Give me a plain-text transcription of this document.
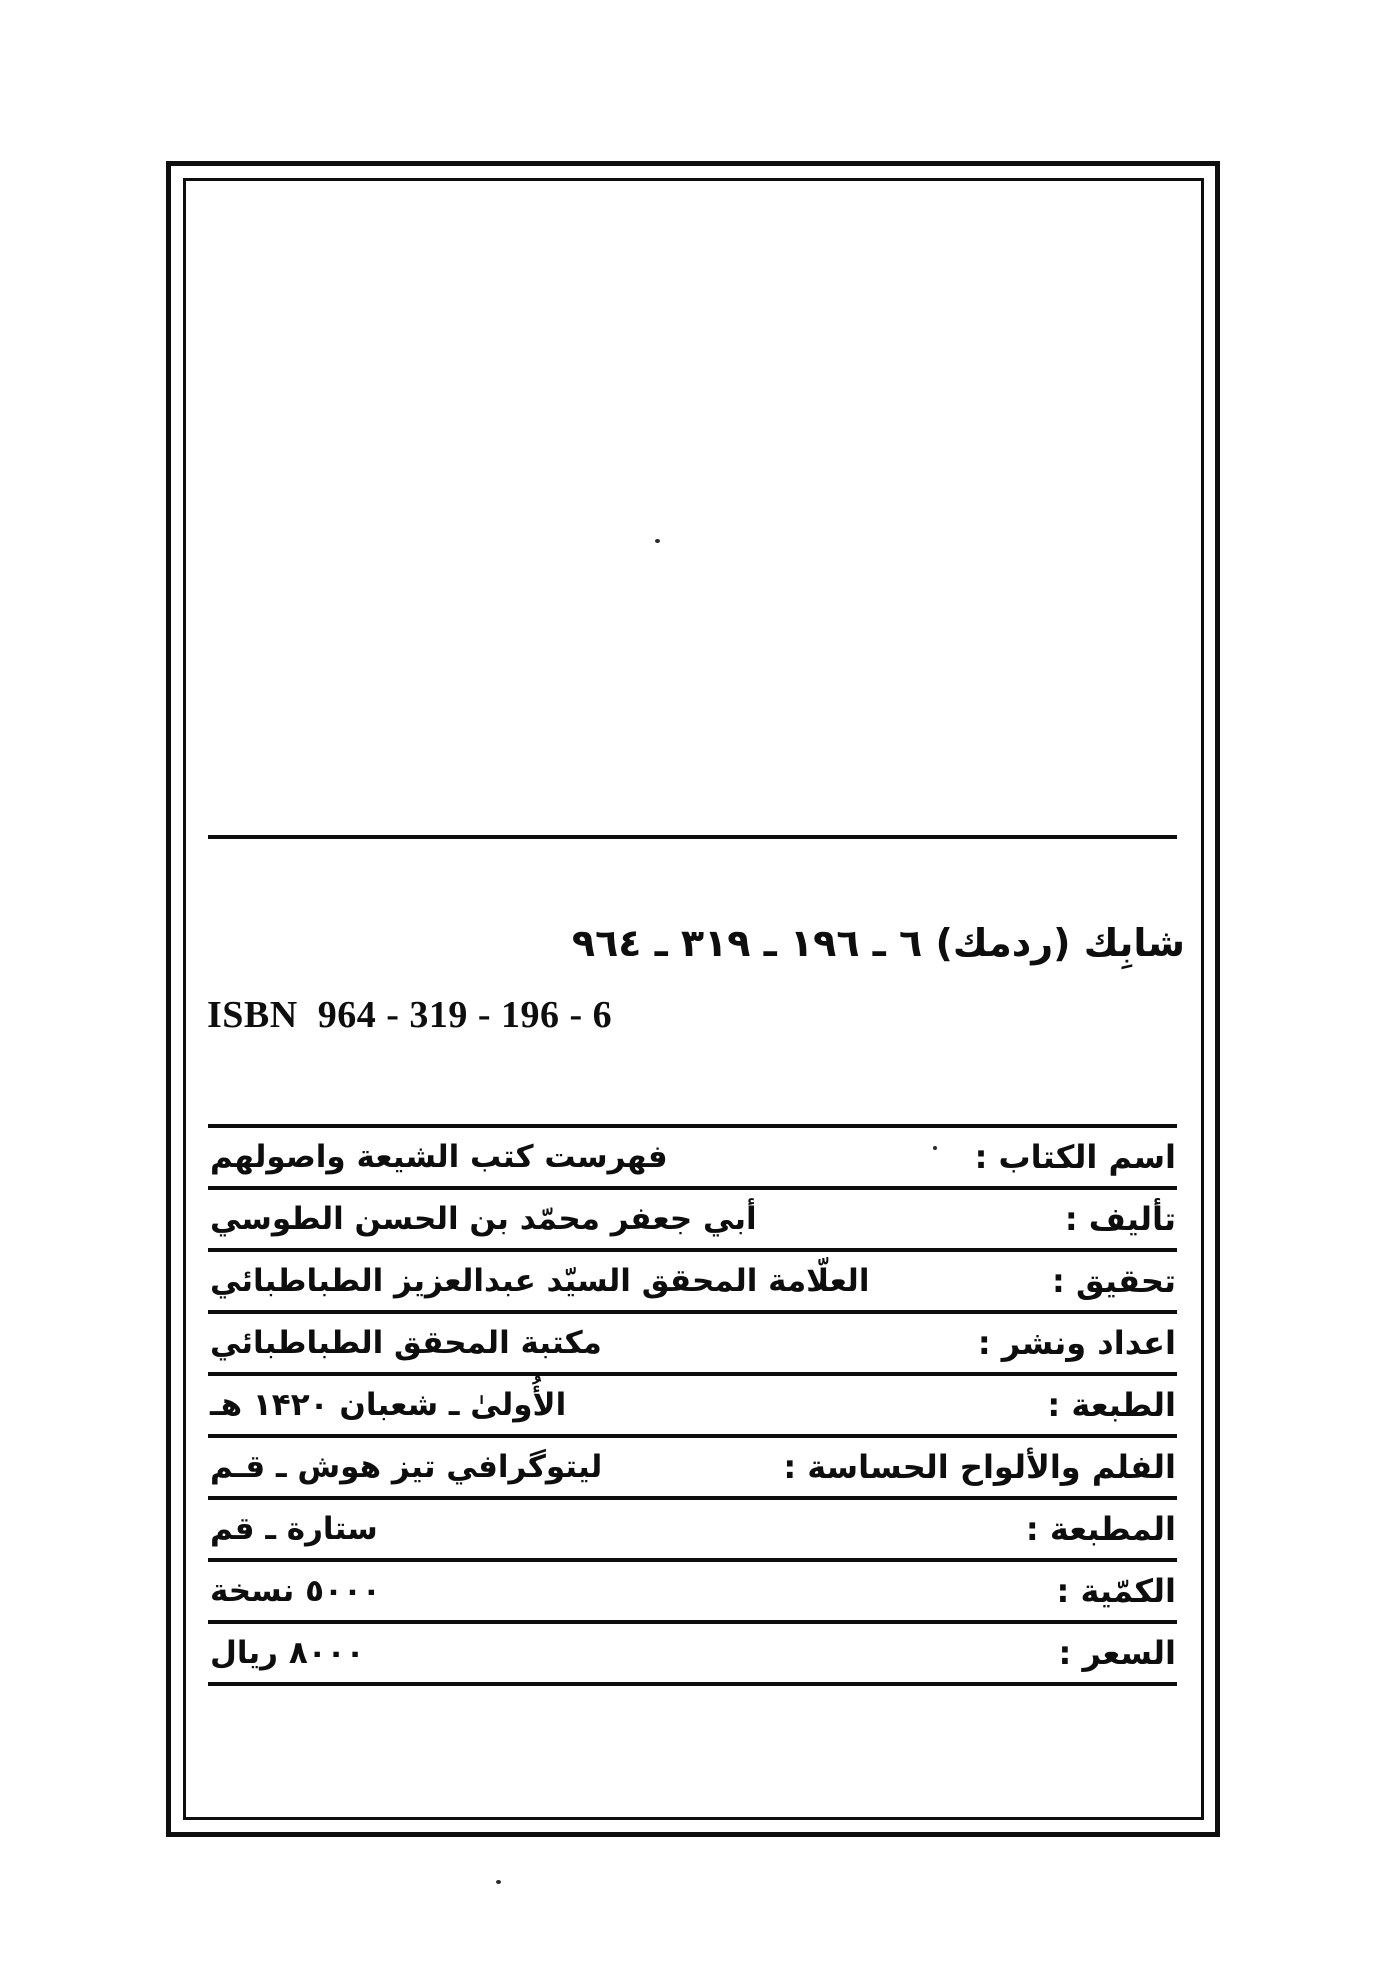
شابِك (ردمك) ٦ ـ ١٩٦ ـ ٣١٩ ـ ٩٦٤
ISBN  964 - 319 - 196 - 6
اسم الكتاب :
فهرست كتب الشيعة واصولهم
تأليف :
أبي جعفر محمّد بن الحسن الطوسي
تحقيق :
العلّامة المحقق السيّد عبدالعزيز الطباطبائي
اعداد ونشر :
مكتبة المحقق الطباطبائي
الطبعة :
الأُولىٰ ـ شعبان ۱۴۲۰ هـ
الفلم والألواح الحساسة :
ليتوگرافي تيز هوش ـ قـم
المطبعة :
ستارة ـ قم
الكمّية :
٥٠٠٠ نسخة
السعر :
٨٠٠٠ ريال
